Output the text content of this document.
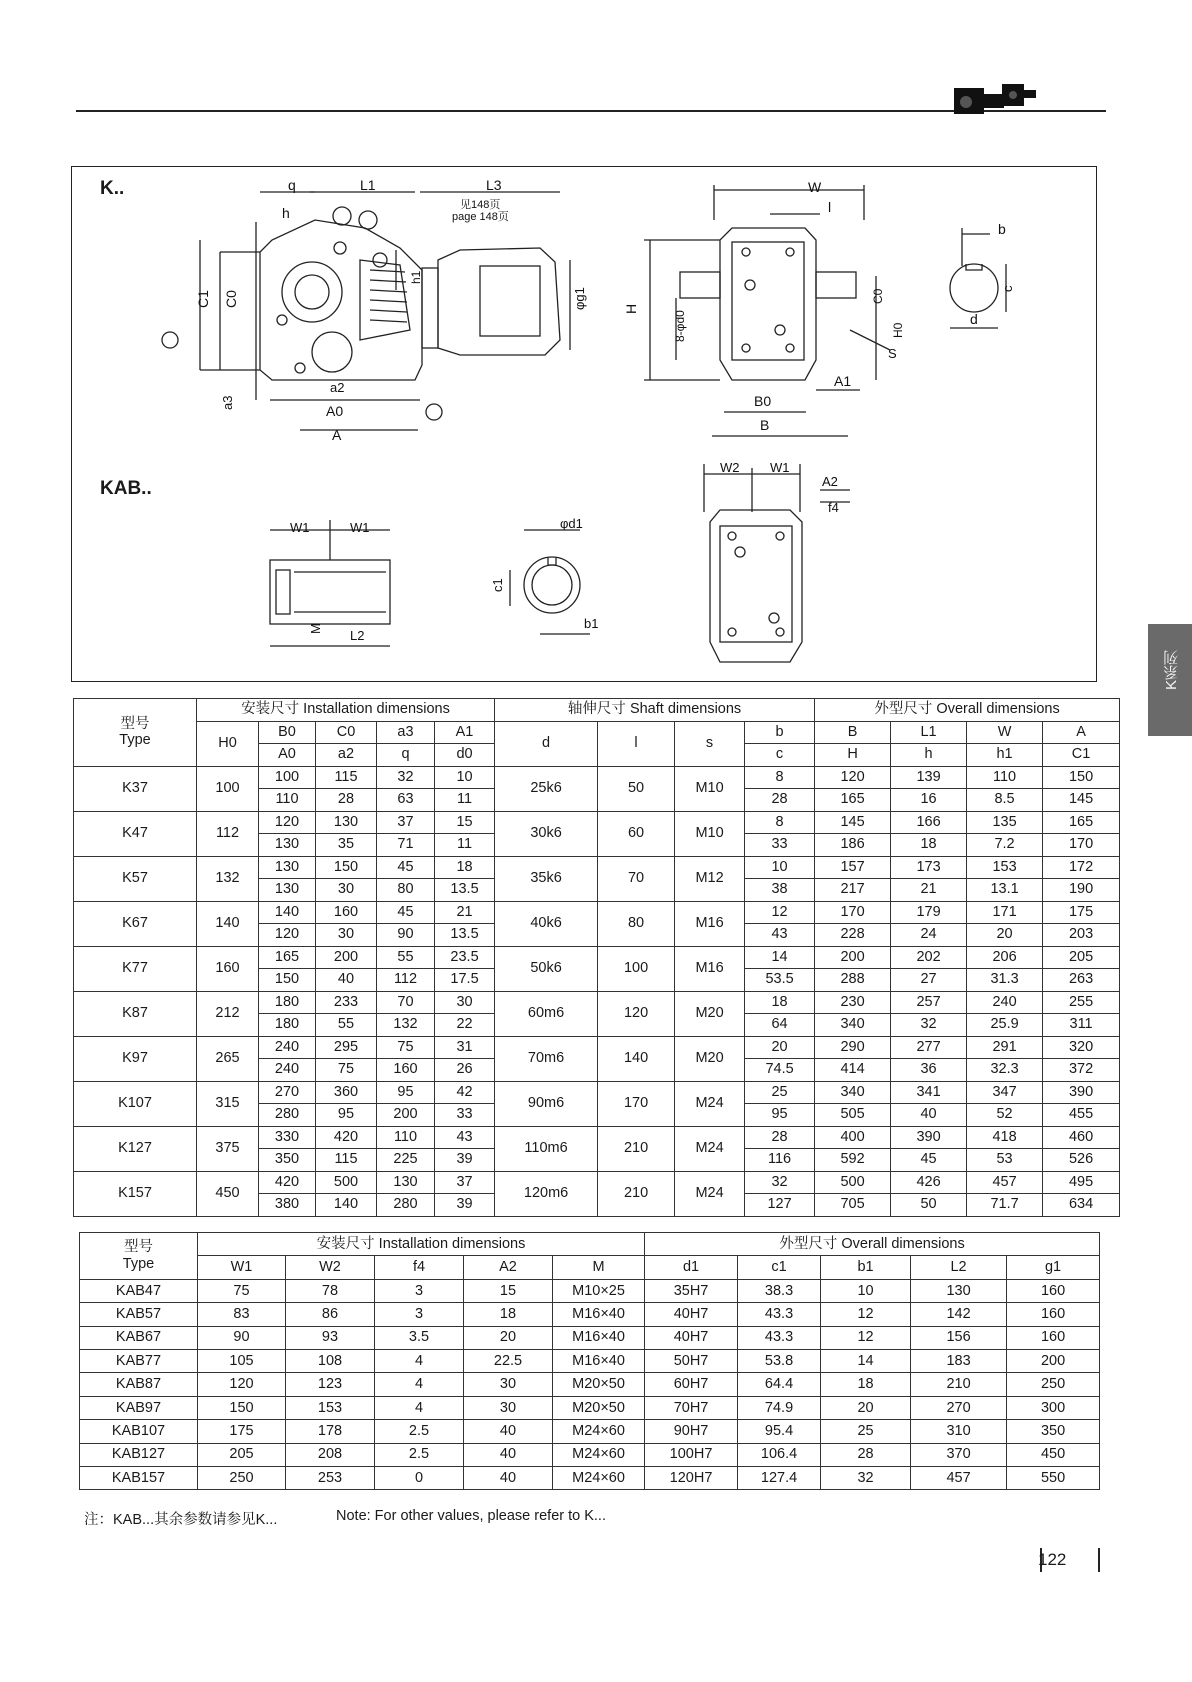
K..
KAB..
q
h
L1	L3
见148页
page 148页
C1 C0
a3
a2
A0
A
h1
φg1
W
l
H
8-φd0
C0
S
H0
B0
B
A1
b
c
d
W1	W1
M L2
φd1
c1
b1
W2 W1
A2
f4
型号
Type	安装尺寸 Installation dimensions					轴伸尺寸 Shaft dimensions				外型尺寸 Overall dimensions			
	H0	B0	C0	a3	A1	d	l	s	b	B	L1	W	A
		A0	a2	q	d0				c	H	h	h1	C1
K37	100	100	115	32	10	25k6	50	M10	8	120	139	110	150
		110	28	63	11				28	165	16	8.5	145
K47	112	120	130	37	15	30k6	60	M10	8	145	166	135	165
		130	35	71	11				33	186	18	7.2	170
K57	132	130	150	45	18	35k6	70	M12	10	157	173	153	172
		130	30	80	13.5				38	217	21	13.1	190
K67	140	140	160	45	21	40k6	80	M16	12	170	179	171	175
		120	30	90	13.5				43	228	24	20	203
K77	160	165	200	55	23.5	50k6	100	M16	14	200	202	206	205
		150	40	112	17.5				53.5	288	27	31.3	263
K87	212	180	233	70	30	60m6	120	M20	18	230	257	240	255
		180	55	132	22				64	340	32	25.9	311
K97	265	240	295	75	31	70m6	140	M20	20	290	277	291	320
		240	75	160	26				74.5	414	36	32.3	372
K107	315	270	360	95	42	90m6	170	M24	25	340	341	347	390
		280	95	200	33				95	505	40	52	455
K127	375	330	420	110	43	110m6	210	M24	28	400	390	418	460
		350	115	225	39				116	592	45	53	526
K157	450	420	500	130	37	120m6	210	M24	32	500	426	457	495
		380	140	280	39				127	705	50	71.7	634
型号
Type	安装尺寸 Installation dimensions					外型尺寸 Overall dimensions				
	W1	W2	f4	A2	M	d1	c1	b1	L2	g1
KAB47	75	78	3	15	M10×25	35H7	38.3	10	130	160
KAB57	83	86	3	18	M16×40	40H7	43.3	12	142	160
KAB67	90	93	3.5	20	M16×40	40H7	43.3	12	156	160
KAB77	105	108	4	22.5	M16×40	50H7	53.8	14	183	200
KAB87	120	123	4	30	M20×50	60H7	64.4	18	210	250
KAB97	150	153	4	30	M20×50	70H7	74.9	20	270	300
KAB107	175	178	2.5	40	M24×60	90H7	95.4	25	310	350
KAB127	205	208	2.5	40	M24×60	100H7	106.4	28	370	450
KAB157	250	253	0	40	M24×60	120H7	127.4	32	457	550
注：KAB...其余参数请参见K...	Note: For other values, please refer to K...
122
K系列
